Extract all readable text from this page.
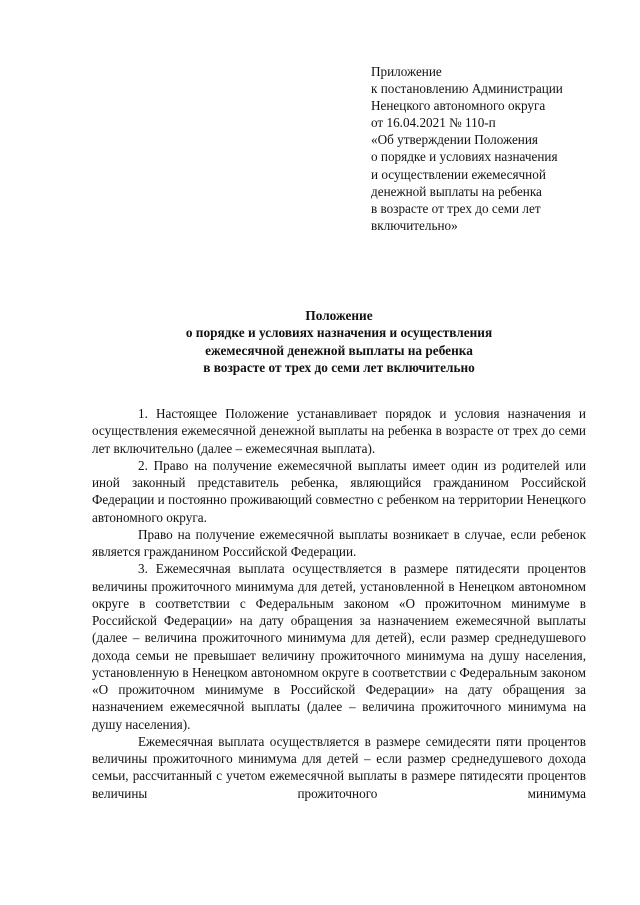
Приложение
к постановлению Администрации
Ненецкого автономного округа
от 16.04.2021 № 110-п
«Об утверждении Положения
о порядке и условиях назначения
и осуществлении ежемесячной
денежной выплаты на ребенка
в возрасте от трех до семи лет
включительно»
Положение
о порядке и условиях назначения и осуществления
ежемесячной денежной выплаты на ребенка
в возрасте от трех до семи лет включительно

1. Настоящее Положение устанавливает порядок и условия назначения и осуществления ежемесячной денежной выплаты на ребенка в возрасте от трех до семи лет включительно (далее – ежемесячная выплата).

2. Право на получение ежемесячной выплаты имеет один из родителей или иной законный представитель ребенка, являющийся гражданином Российской Федерации и постоянно проживающий совместно с ребенком на территории Ненецкого автономного округа.

Право на получение ежемесячной выплаты возникает в случае, если ребенок является гражданином Российской Федерации.

3. Ежемесячная выплата осуществляется в размере пятидесяти процентов величины прожиточного минимума для детей, установленной в Ненецком автономном округе в соответствии с Федеральным законом «О прожиточном минимуме в Российской Федерации» на дату обращения за назначением ежемесячной выплаты (далее – величина прожиточного минимума для детей), если размер среднедушевого дохода семьи не превышает величину прожиточного минимума на душу населения, установленную в Ненецком автономном округе в соответствии с Федеральным законом «О прожиточном минимуме в Российской Федерации» на дату обращения за назначением ежемесячной выплаты (далее – величина прожиточного минимума на душу населения).

Ежемесячная выплата осуществляется в размере семидесяти пяти процентов величины прожиточного минимума для детей – если размер среднедушевого дохода семьи, рассчитанный с учетом ежемесячной выплаты в размере пятидесяти процентов величины прожиточного минимума
